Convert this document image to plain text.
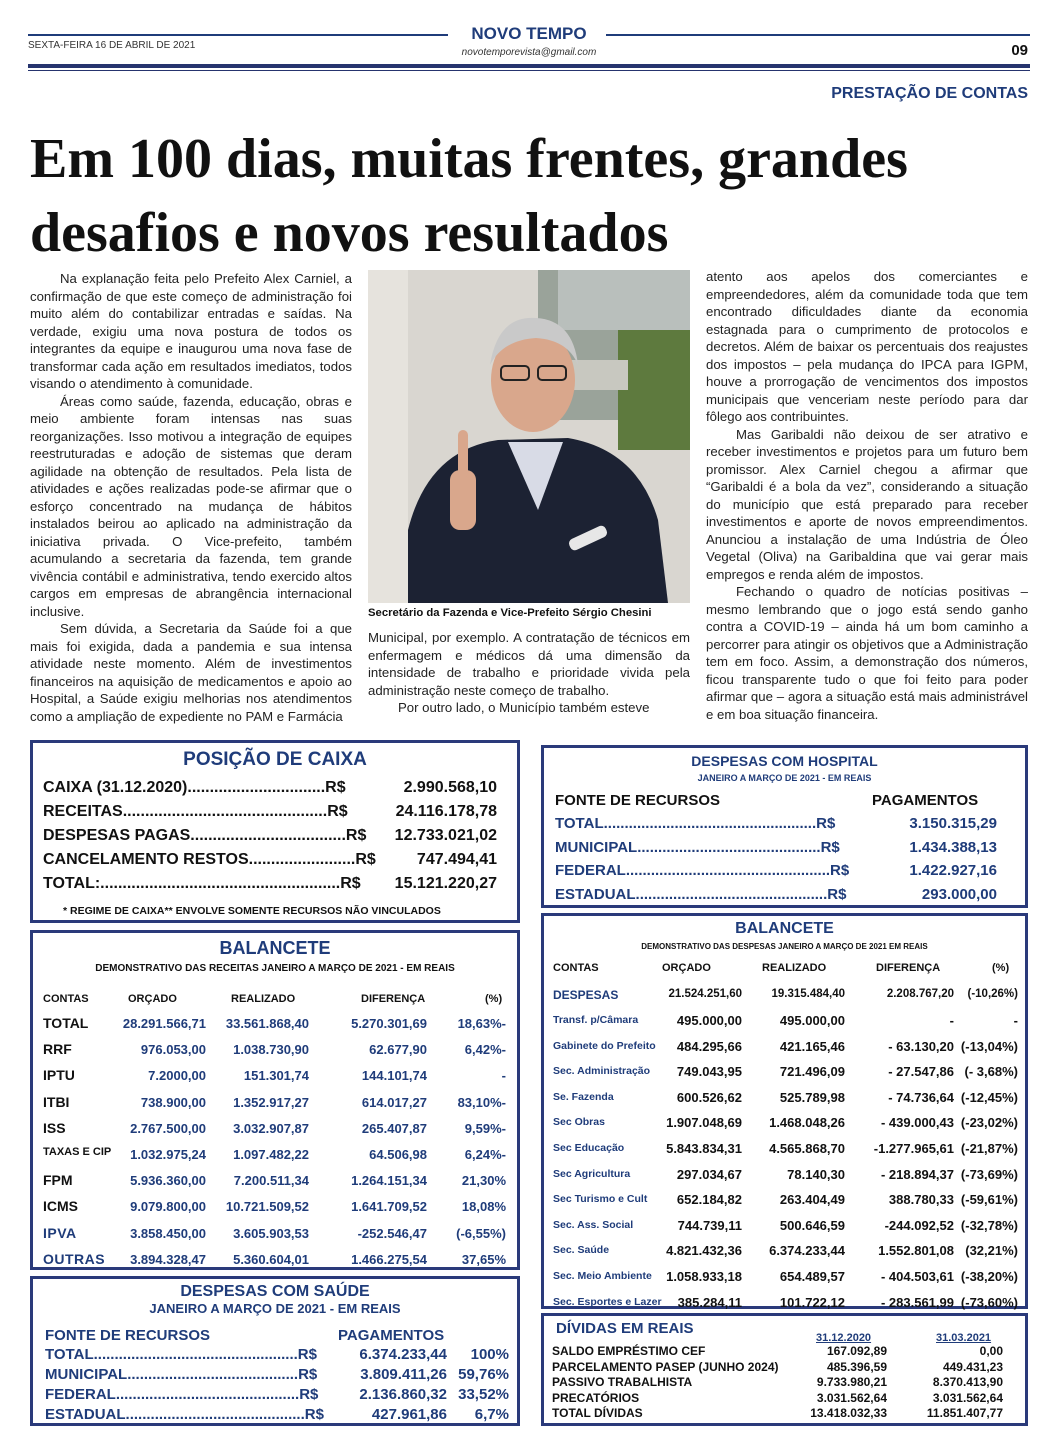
SEXTA-FEIRA 16 DE ABRIL DE 2021
NOVO TEMPO
novotemporevista@gmail.com	09
PRESTAÇÃO DE CONTAS
Em 100 dias, muitas frentes, grandes desafios e novos resultados

Na explanação feita pelo Prefeito Alex Carniel, a confirmação de que este começo de administração foi muito além do contabilizar entradas e saídas. Na verdade, exigiu uma nova postura de todos os integrantes da equipe e inaugurou uma nova fase de transformar cada ação em resultados imediatos, todos visando o atendimento à comunidade.

Áreas como saúde, fazenda, educação, obras e meio ambiente foram intensas nas suas reorganizações. Isso motivou a integração de equipes reestruturadas e adoção de sistemas que deram agilidade na obtenção de resultados. Pela lista de atividades e ações realizadas pode-se afirmar que o esforço concentrado na mudança de hábitos instalados beirou ao aplicado na administração da iniciativa privada. O Vice-prefeito, também acumulando a secretaria da fazenda, tem grande vivência contábil e administrativa, tendo exercido altos cargos em empresas de abrangência internacional inclusive.

Sem dúvida, a Secretaria da Saúde foi a que mais foi exigida, dada a pandemia e sua intensa atividade neste momento. Além de investimentos financeiros na aquisição de medicamentos e apoio ao Hospital, a Saúde exigiu melhorias nos atendimentos como a ampliação de expediente no PAM e Farmácia

Secretário da Fazenda e Vice-Prefeito Sérgio Chesini

Municipal, por exemplo. A contratação de técnicos em enfermagem e médicos dá uma dimensão da intensidade de trabalho e prioridade vivida pela administração neste começo de trabalho.

Por outro lado, o Município também esteve

atento aos apelos dos comerciantes e empreendedores, além da comunidade toda que tem encontrado dificuldades diante da economia estagnada para o cumprimento de protocolos e decretos. Além de baixar os percentuais dos reajustes dos impostos – pela mudança do IPCA para IGPM, houve a prorrogação de vencimentos dos impostos municipais que venceriam neste período para dar fôlego aos contribuintes.

Mas Garibaldi não deixou de ser atrativo e receber investimentos e projetos para um futuro bem promissor. Alex Carniel chegou a afirmar que “Garibaldi é a bola da vez”, considerando a situação do município que está preparado para receber investimentos e aporte de novos empreendimentos. Anunciou a instalação de uma Indústria de Óleo Vegetal (Oliva) na Garibaldina que vai gerar mais empregos e renda além de impostos.

Fechando o quadro de notícias positivas – mesmo lembrando que o jogo está sendo ganho contra a COVID-19 – ainda há um bom caminho a percorrer para atingir os objetivos que a Administração tem em foco. Assim, a demonstração dos números, ficou transparente tudo o que foi feito para poder afirmar que – agora a situação está mais administrável e em boa situação financeira.

POSIÇÃO DE CAIXA
CAIXA (31.12.2020)...............................R$	2.990.568,10
RECEITAS..............................................R$	24.116.178,78
DESPESAS PAGAS...................................R$ 12.733.021,02
CANCELAMENTO RESTOS........................R$	747.494,41
TOTAL:......................................................R$ 15.121.220,27
* REGIME DE CAIXA** ENVOLVE SOMENTE RECURSOS NÃO VINCULADOS
BALANCETE
DEMONSTRATIVO DAS RECEITAS JANEIRO A MARÇO DE 2021 - EM REAIS
CONTAS	ORÇADO	REALIZADO	DIFERENÇA	(%)
TOTAL	28.291.566,71 33.561.868,40	5.270.301,69 18,63%-
RRF	976.053,00 1.038.730,90	62.677,90	6,42%-
IPTU	7.2000,00	151.301,74	144.101,74	-
ITBI	738.900,00 1.352.917,27	614.017,27 83,10%-
ISS	2.767.500,00 3.032.907,87	265.407,87	9,59%-
TAXAS E CIP 1.032.975,24 1.097.482,22	64.506,98	6,24%-
FPM	5.936.360,00 7.200.511,34	1.264.151,34	21,30%
ICMS	9.079.800,00 10.721.509,52	1.641.709,52	18,08%
IPVA	3.858.450,00 3.605.903,53	-252.546,47 (-6,55%)
OUTRAS 3.894.328,47 5.360.604,01	1.466.275,54	37,65%
DESPESAS COM SAÚDE
JANEIRO A MARÇO DE 2021 - EM REAIS
FONTE DE RECURSOS	PAGAMENTOS
TOTAL.................................................R$	6.374.233,44 100%
MUNICIPAL.........................................R$	3.809.411,26 59,76%
FEDERAL............................................R$	2.136.860,32 33,52%
ESTADUAL...........................................R$	427.961,86 6,7%
DESPESAS COM HOSPITAL
JANEIRO A MARÇO DE 2021 - EM REAIS
FONTE DE RECURSOS	PAGAMENTOS
TOTAL...................................................R$	3.150.315,29
MUNICIPAL............................................R$	1.434.388,13
FEDERAL.................................................R$	1.422.927,16
ESTADUAL..............................................R$	293.000,00
BALANCETE
DEMONSTRATIVO DAS DESPESAS JANEIRO A MARÇO DE 2021 EM REAIS
CONTAS	ORÇADO	REALIZADO	DIFERENÇA	(%)
DESPESAS	21.524.251,60	19.315.484,40	2.208.767,20 (-10,26%)
Transf. p/Câmara	495.000,00	495.000,00	-	-
Gabinete do Prefeito 484.295,66	421.165,46	- 63.130,20 (-13,04%)
Sec. Administração 749.043,95	721.496,09	- 27.547,86 (- 3,68%)
Se. Fazenda	600.526,62	525.789,98	- 74.736,64 (-12,45%)
Sec Obras	1.907.048,69 1.468.048,26	- 439.000,43 (-23,02%)
Sec Educação	5.843.834,31 4.565.868,70 -1.277.965,61 (-21,87%)
Sec Agricultura	297.034,67	78.140,30	- 218.894,37 (-73,69%)
Sec Turismo e Cult 652.184,82	263.404,49	388.780,33 (-59,61%)
Sec. Ass. Social	744.739,11	500.646,59	-244.092,52 (-32,78%)
Sec. Saúde	4.821.432,36 6.374.233,44	1.552.801,08 (32,21%)
Sec. Meio Ambiente 1.058.933,18	654.489,57	- 404.503,61 (-38,20%)
Sec. Esportes e Lazer 385.284,11	101.722,12	- 283.561,99 (-73,60%)
DÍVIDAS EM REAIS
31.12.2020	31.03.2021
SALDO EMPRÉSTIMO CEF	167.092,89	0,00
PARCELAMENTO PASEP (JUNHO 2024)	485.396,59	449.431,23
PASSIVO TRABALHISTA	9.733.980,21	8.370.413,90
PRECATÓRIOS	3.031.562,64	3.031.562,64
TOTAL DÍVIDAS	13.418.032,33	11.851.407,77
